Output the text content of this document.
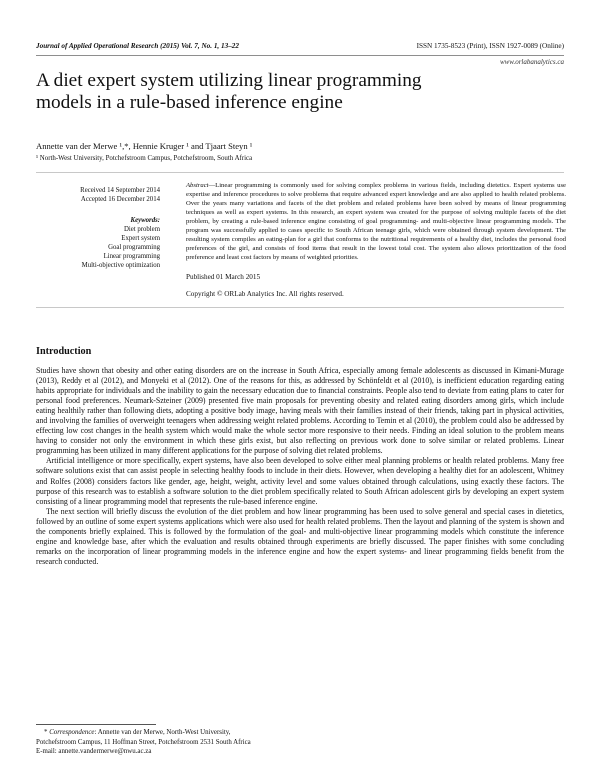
Journal of Applied Operational Research (2015) Vol. 7, No. 1, 13–22	ISSN 1735-8523 (Print), ISSN 1927-0089 (Online)
www.orlabanalytics.ca
A diet expert system utilizing linear programming models in a rule-based inference engine
Annette van der Merwe ¹,*, Hennie Kruger ¹ and Tjaart Steyn ¹
¹ North-West University, Potchefstroom Campus, Potchefstroom, South Africa
Received 14 September 2014
Accepted 16 December 2014
Keywords:
Diet problem
Expert system
Goal programming
Linear programming
Multi-objective optimization
Abstract—Linear programming is commonly used for solving complex problems in various fields, including dietetics. Expert systems use expertise and inference procedures to solve problems that require advanced expert knowledge and are also applied to health related problems. Over the years many variations and facets of the diet problem and related problems have been solved by means of linear programming techniques as well as expert systems. In this research, an expert system was created for the purpose of solving multiple facets of the diet problem, by creating a rule-based inference engine consisting of goal programming- and multi-objective linear programming models. The program was successfully applied to cases specific to South African teenage girls, which were obtained through system development. The resulting system compiles an eating-plan for a girl that conforms to the nutritional requirements of a healthy diet, includes the personal food preferences of the girl, and consists of food items that result in the lowest total cost. The system also allows prioritization of the food preference and least cost factors by means of weighted priorities.
Published 01 March 2015
Copyright © ORLab Analytics Inc. All rights reserved.
Introduction

Studies have shown that obesity and other eating disorders are on the increase in South Africa, especially among female adolescents as discussed in Kimani-Murage (2013), Reddy et al (2012), and Monyeki et al (2012). One of the reasons for this, as addressed by Schönfeldt et al (2010), is inefficient education regarding eating habits appropriate for individuals and the inability to gain the necessary education due to financial constraints. People also tend to deviate from eating plans to cater for personal food preferences. Neumark-Szteiner (2009) presented five main proposals for preventing obesity and related eating disorders among girls, which include eating healthily rather than following diets, adopting a positive body image, having meals with their families instead of their friends, taking part in physical activities, and involving the families of overweight teenagers when addressing weight related problems. According to Temin et al (2010), the problem could also be addressed by effecting low cost changes in the health system which would make the whole sector more responsive to their needs. Finding an ideal solution to the problem means having to consider not only the environment in which these girls exist, but also reflecting on previous work done to solve similar or related problems. Linear programming has been utilized in many different applications for the purpose of solving diet related problems.

Artificial intelligence or more specifically, expert systems, have also been developed to solve either meal planning problems or health related problems. Many free software solutions exist that can assist people in selecting healthy foods to include in their diets. However, when developing a healthy diet for an adolescent, Whitney and Rolfes (2008) considers factors like gender, age, height, weight, activity level and some values obtained through calculations, using exactly these factors. The purpose of this research was to establish a software solution to the diet problem specifically related to South African adolescent girls by developing an expert system consisting of a linear programming model that represents the rule-based inference engine.

The next section will briefly discuss the evolution of the diet problem and how linear programming has been used to solve general and special cases in dietetics, followed by an outline of some expert systems applications which were also used for health related problems. Then the layout and planning of the system is shown and the components briefly explained. This is followed by the formulation of the goal- and multi-objective linear programming models which constitute the inference engine and knowledge base, after which the evaluation and results obtained through experiments are briefly discussed. The paper finishes with some concluding remarks on the incorporation of linear programming models in the inference engine and how the expert systems- and linear programming fields benefit from the research conducted.

* Correspondence: Annette van der Merwe, North-West University,
Potchefstroom Campus, 11 Hoffman Street, Potchefstroom 2531 South Africa
E-mail: annette.vandermerwe@nwu.ac.za
